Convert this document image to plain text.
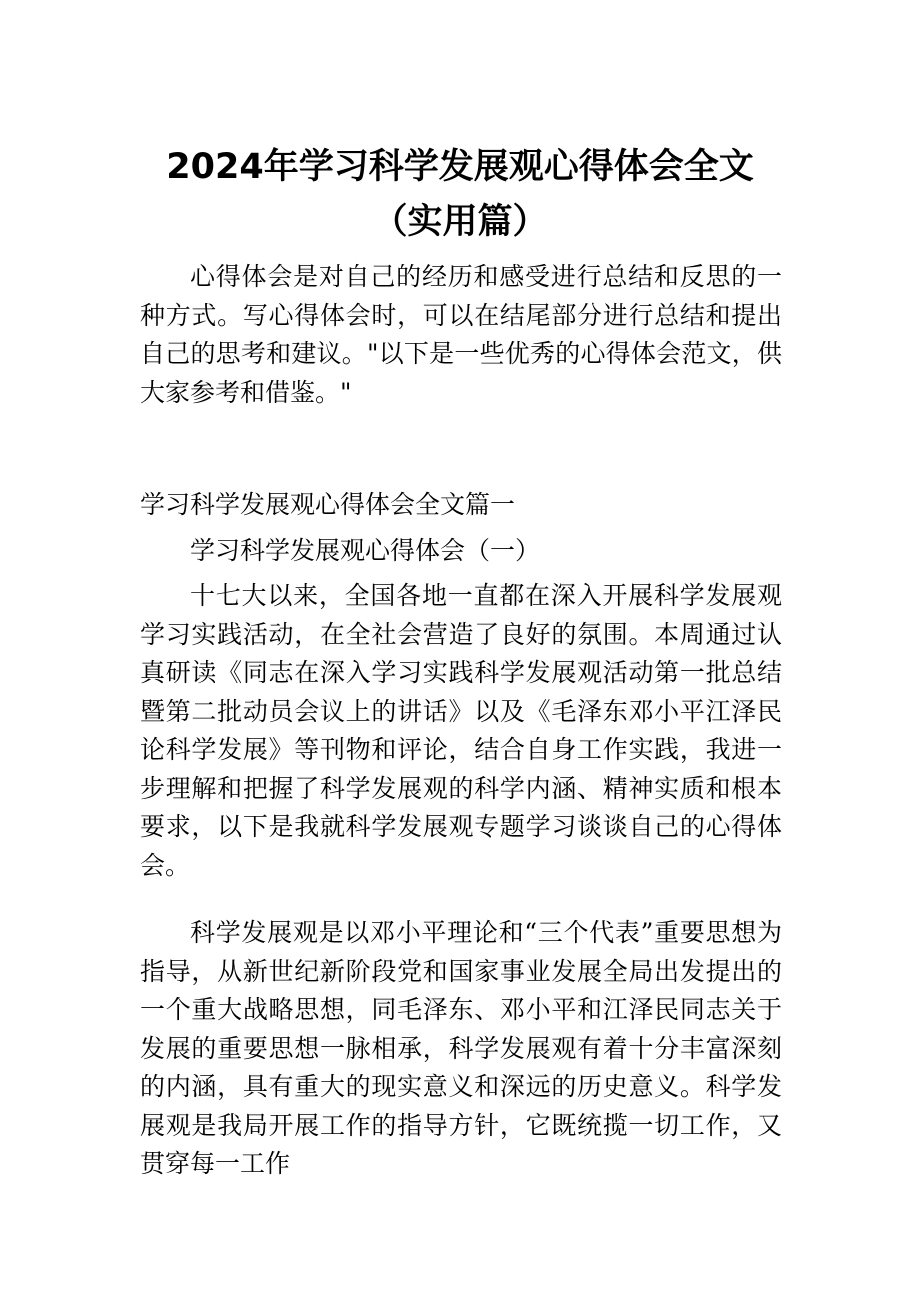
2024年学习科学发展观心得体会全文（实用篇）

心得体会是对自己的经历和感受进行总结和反思的一种方式。写心得体会时，可以在结尾部分进行总结和提出自己的思考和建议。"以下是一些优秀的心得体会范文，供大家参考和借鉴。"

学习科学发展观心得体会全文篇一

学习科学发展观心得体会（一）

十七大以来，全国各地一直都在深入开展科学发展观学习实践活动，在全社会营造了良好的氛围。本周通过认真研读《同志在深入学习实践科学发展观活动第一批总结暨第二批动员会议上的讲话》以及《毛泽东邓小平江泽民论科学发展》等刊物和评论，结合自身工作实践，我进一步理解和把握了科学发展观的科学内涵、精神实质和根本要求，以下是我就科学发展观专题学习谈谈自己的心得体会。

科学发展观是以邓小平理论和“三个代表”重要思想为指导，从新世纪新阶段党和国家事业发展全局出发提出的一个重大战略思想，同毛泽东、邓小平和江泽民同志关于发展的重要思想一脉相承，科学发展观有着十分丰富深刻的内涵，具有重大的现实意义和深远的历史意义。科学发展观是我局开展工作的指导方针，它既统揽一切工作，又贯穿每一工作
